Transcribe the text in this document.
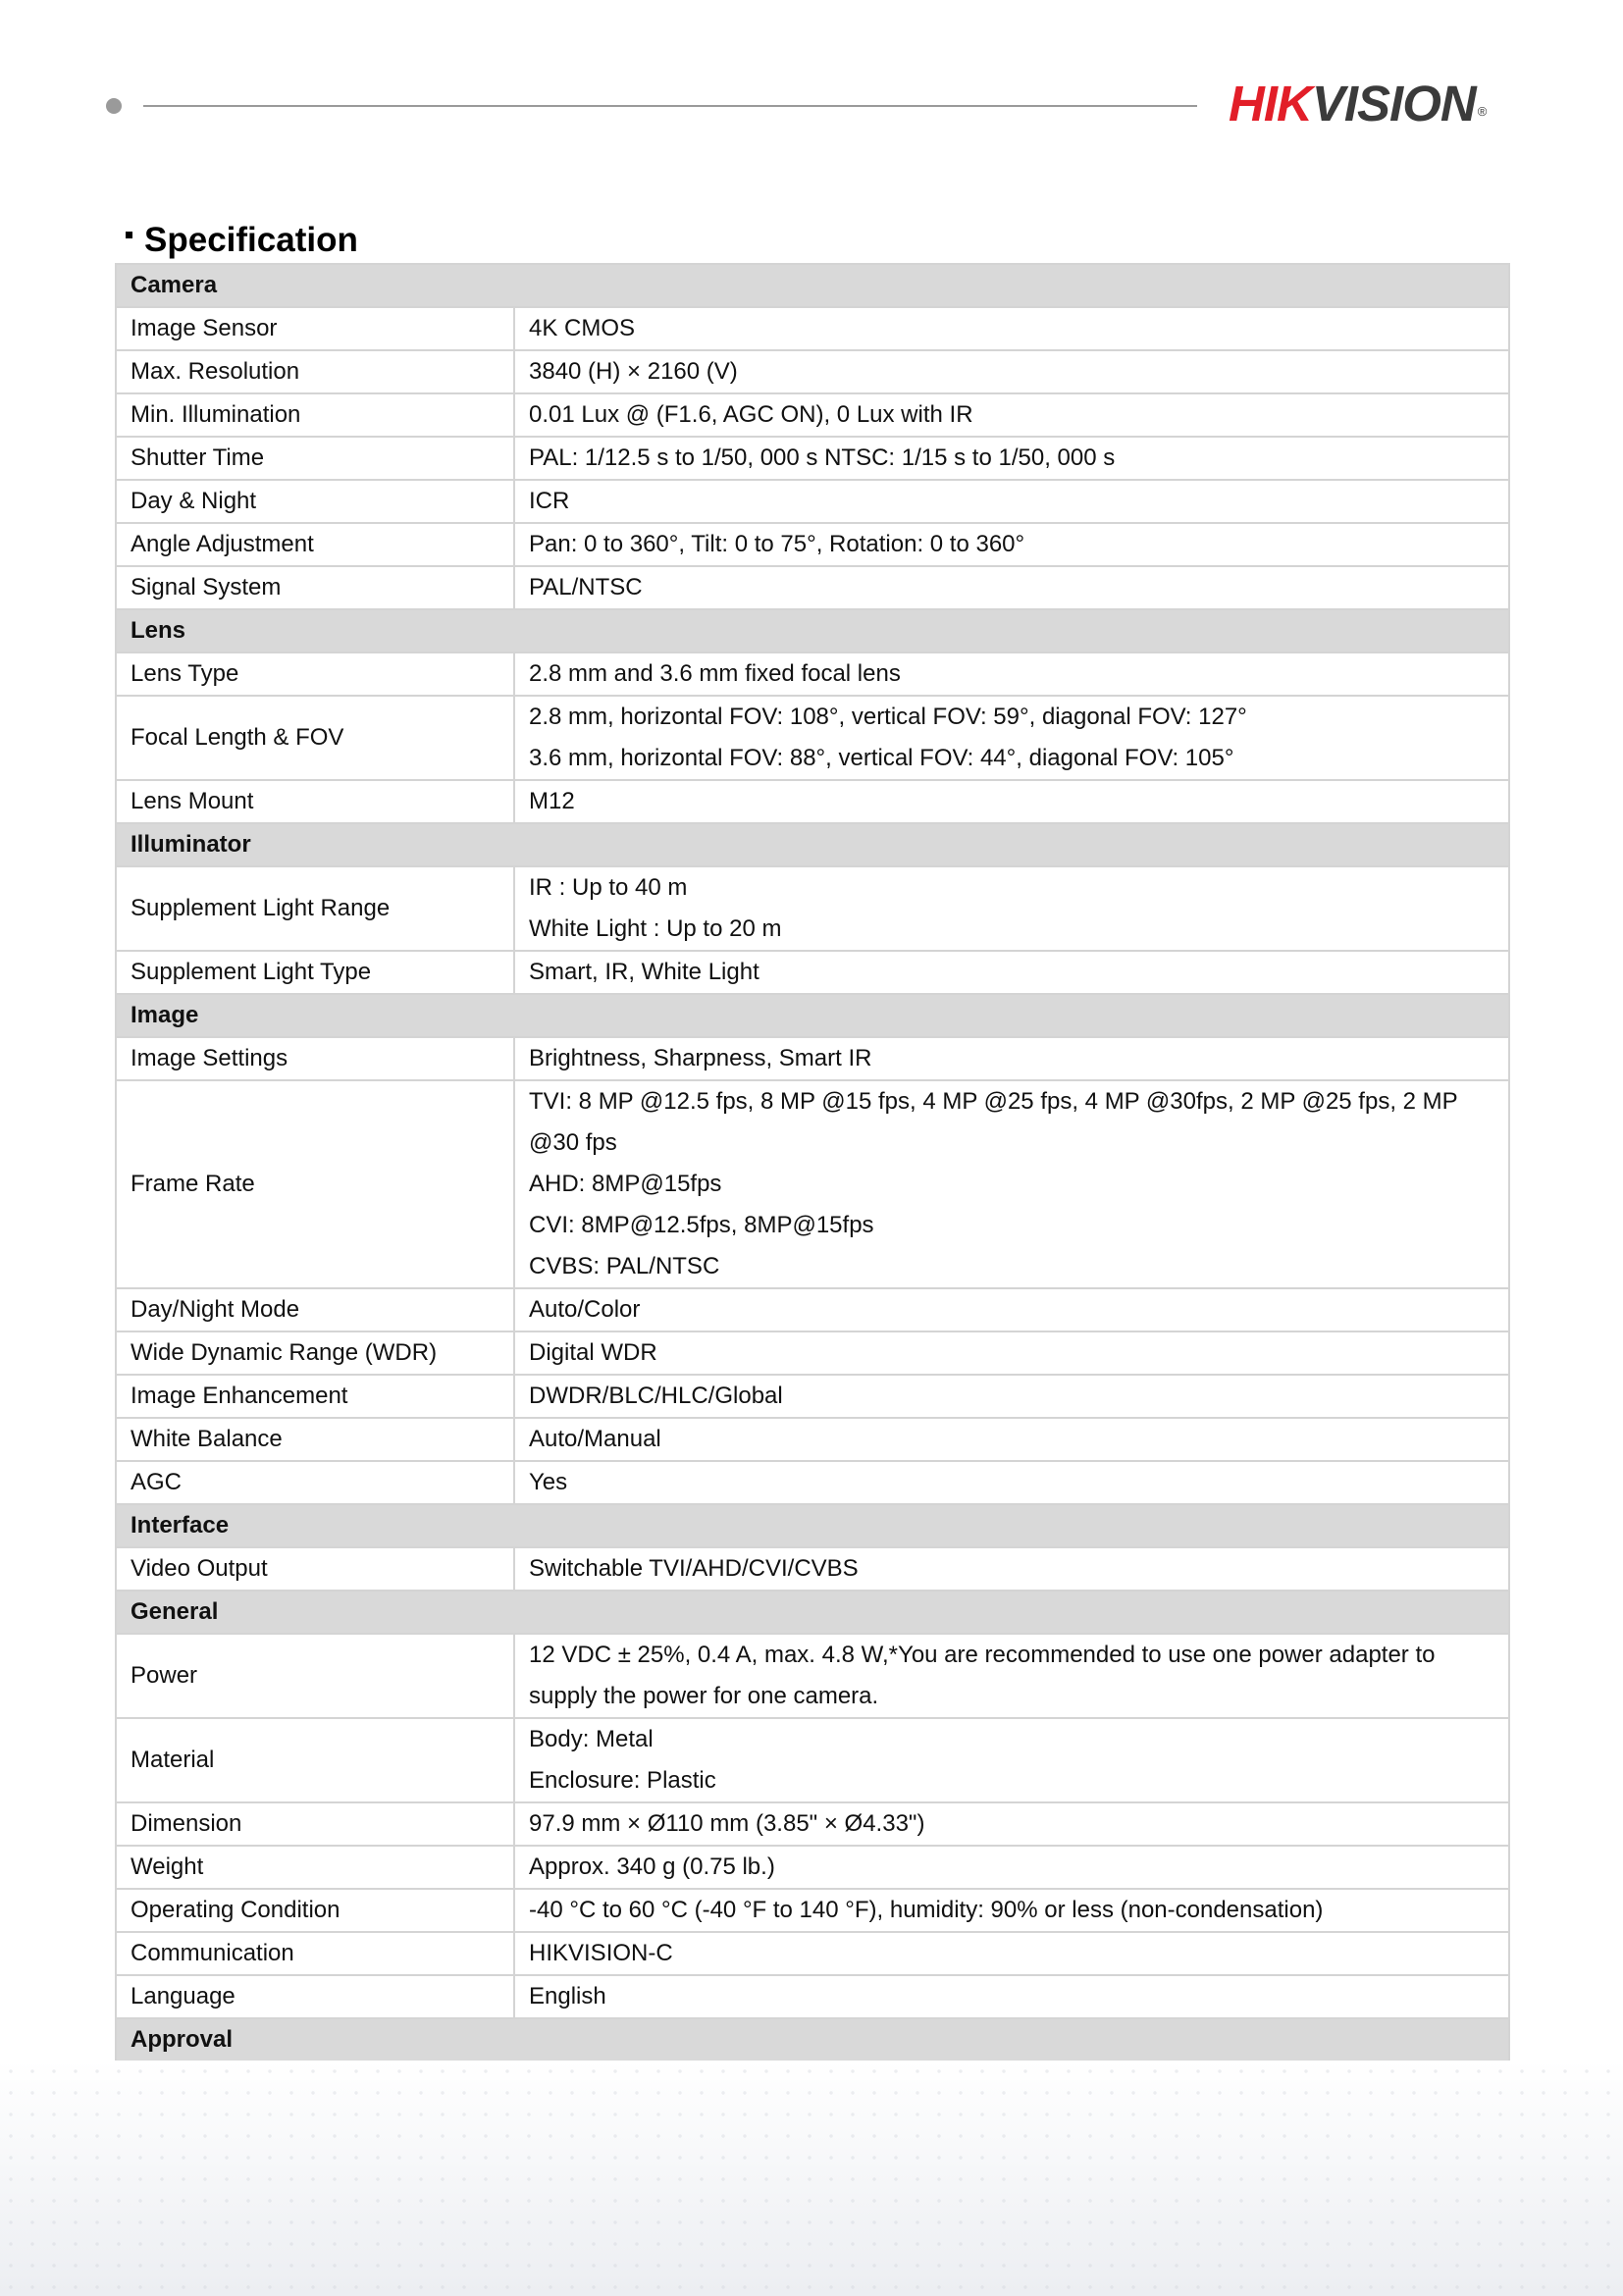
HIKVISION ®
Specification
Camera	
Image Sensor	4K CMOS

Max. Resolution	3840 (H) × 2160 (V)

Min. Illumination	0.01 Lux @ (F1.6, AGC ON), 0 Lux with IR

Shutter Time	PAL: 1/12.5 s to 1/50, 000 s NTSC: 1/15 s to 1/50, 000 s

Day & Night	ICR

Angle Adjustment	Pan: 0 to 360°, Tilt: 0 to 75°, Rotation: 0 to 360°

Signal System	PAL/NTSC

Lens	
Lens Type	2.8 mm and 3.6 mm fixed focal lens

Focal Length & FOV	2.8 mm, horizontal FOV: 108°, vertical FOV: 59°, diagonal FOV: 127°
3.6 mm, horizontal FOV: 88°, vertical FOV: 44°, diagonal FOV: 105°

Lens Mount	M12

Illuminator	
Supplement Light Range	IR : Up to 40 m
White Light : Up to 20 m

Supplement Light Type	Smart, IR, White Light

Image	
Image Settings	Brightness, Sharpness, Smart IR

Frame Rate	TVI: 8 MP @12.5 fps, 8 MP @15 fps, 4 MP @25 fps, 4 MP @30fps, 2 MP @25 fps, 2 MP @30 fps
AHD: 8MP@15fps
CVI: 8MP@12.5fps, 8MP@15fps
CVBS: PAL/NTSC

Day/Night Mode	Auto/Color

Wide Dynamic Range (WDR)	Digital WDR

Image Enhancement	DWDR/BLC/HLC/Global

White Balance	Auto/Manual

AGC	Yes

Interface	
Video Output	Switchable TVI/AHD/CVI/CVBS

General	
Power	12 VDC ± 25%, 0.4 A, max. 4.8 W,*You are recommended to use one power adapter to supply the power for one camera.

Material	Body: Metal
Enclosure: Plastic

Dimension	97.9 mm × Ø110 mm (3.85" × Ø4.33")

Weight	Approx. 340 g (0.75 lb.)

Operating Condition	-40 °C to 60 °C (-40 °F to 140 °F), humidity: 90% or less (non-condensation)

Communication	HIKVISION-C

Language	English

Approval	
